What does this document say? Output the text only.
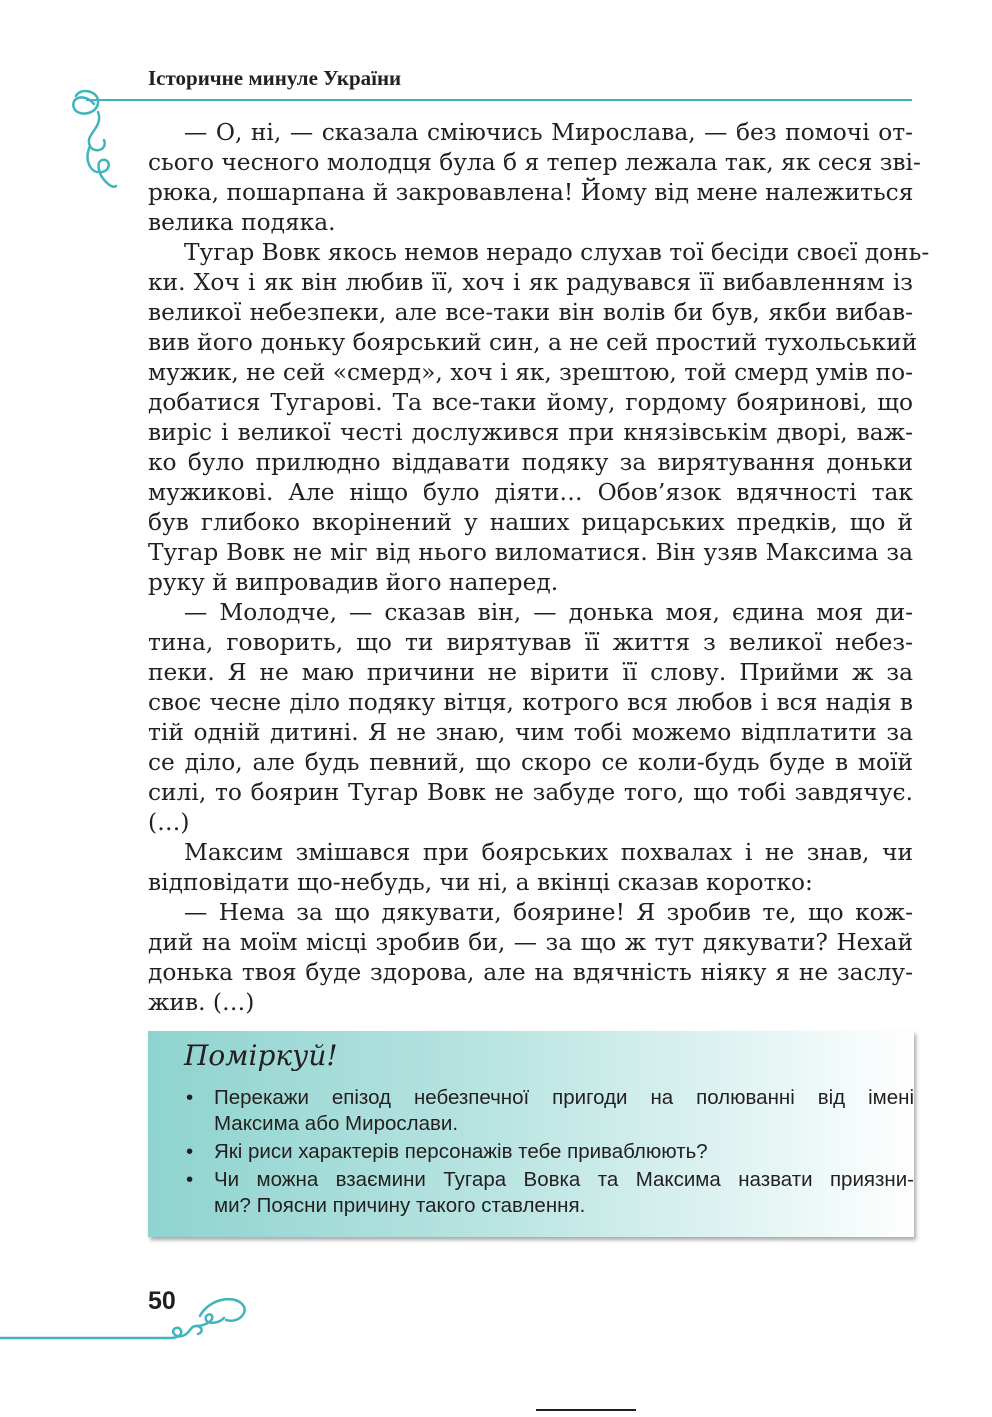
Історичне минуле України

— О, ні, — сказала сміючись Мирослава, — без помочі от-

сього чесного молодця була б я тепер лежала так, як сеся зві-

рюка, пошарпана й закровавлена! Йому від мене належиться

велика подяка.

Тугар Вовк якось немов нерадо слухав тої бесіди своєї донь-

ки. Хоч і як він любив її, хоч і як радувався її вибавленням із

великої небезпеки, але все-таки він волів би був, якби вибав-

вив його доньку боярський син, а не сей простий тухольський

мужик, не сей «смерд», хоч і як, зрештою, той смерд умів по-

добатися Тугарові. Та все-таки йому, гордому бояринові, що

виріс і великої честі дослужився при князівськім дворі, важ-

ко було прилюдно віддавати подяку за вирятування доньки

мужикові. Але ніщо було діяти… Обов’язок вдячності так

був глибоко вкорінений у наших рицарських предків, що й

Тугар Вовк не міг від нього виломатися. Він узяв Максима за

руку й випровадив його наперед.

— Молодче, — сказав він, — донька моя, єдина моя ди-

тина, говорить, що ти вирятував її життя з великої небез-

пеки. Я не маю причини не вірити її слову. Прийми ж за

своє чесне діло подяку вітця, котрого вся любов і вся надія в

тій одній дитині. Я не знаю, чим тобі можемо відплатити за

се діло, але будь певний, що скоро се коли-будь буде в моїй

силі, то боярин Тугар Вовк не забуде того, що тобі завдячує.

(…)

Максим змішався при боярських похвалах і не знав, чи

відповідати що-небудь, чи ні, а вкінці сказав коротко:

— Нема за що дякувати, боярине! Я зробив те, що кож-

дий на моїм місці зробив би, — за що ж тут дякувати? Нехай

донька твоя буде здорова, але на вдячність ніяку я не заслу-

жив. (…)

Поміркуй!
• Перекажи епізод небезпечної пригоди на полюванні від імені
Максима або Мирослави.
• Які риси характерів персонажів тебе приваблюють?
• Чи можна взаємини Тугара Вовка та Максима назвати приязни-
ми? Поясни причину такого ставлення.
50
